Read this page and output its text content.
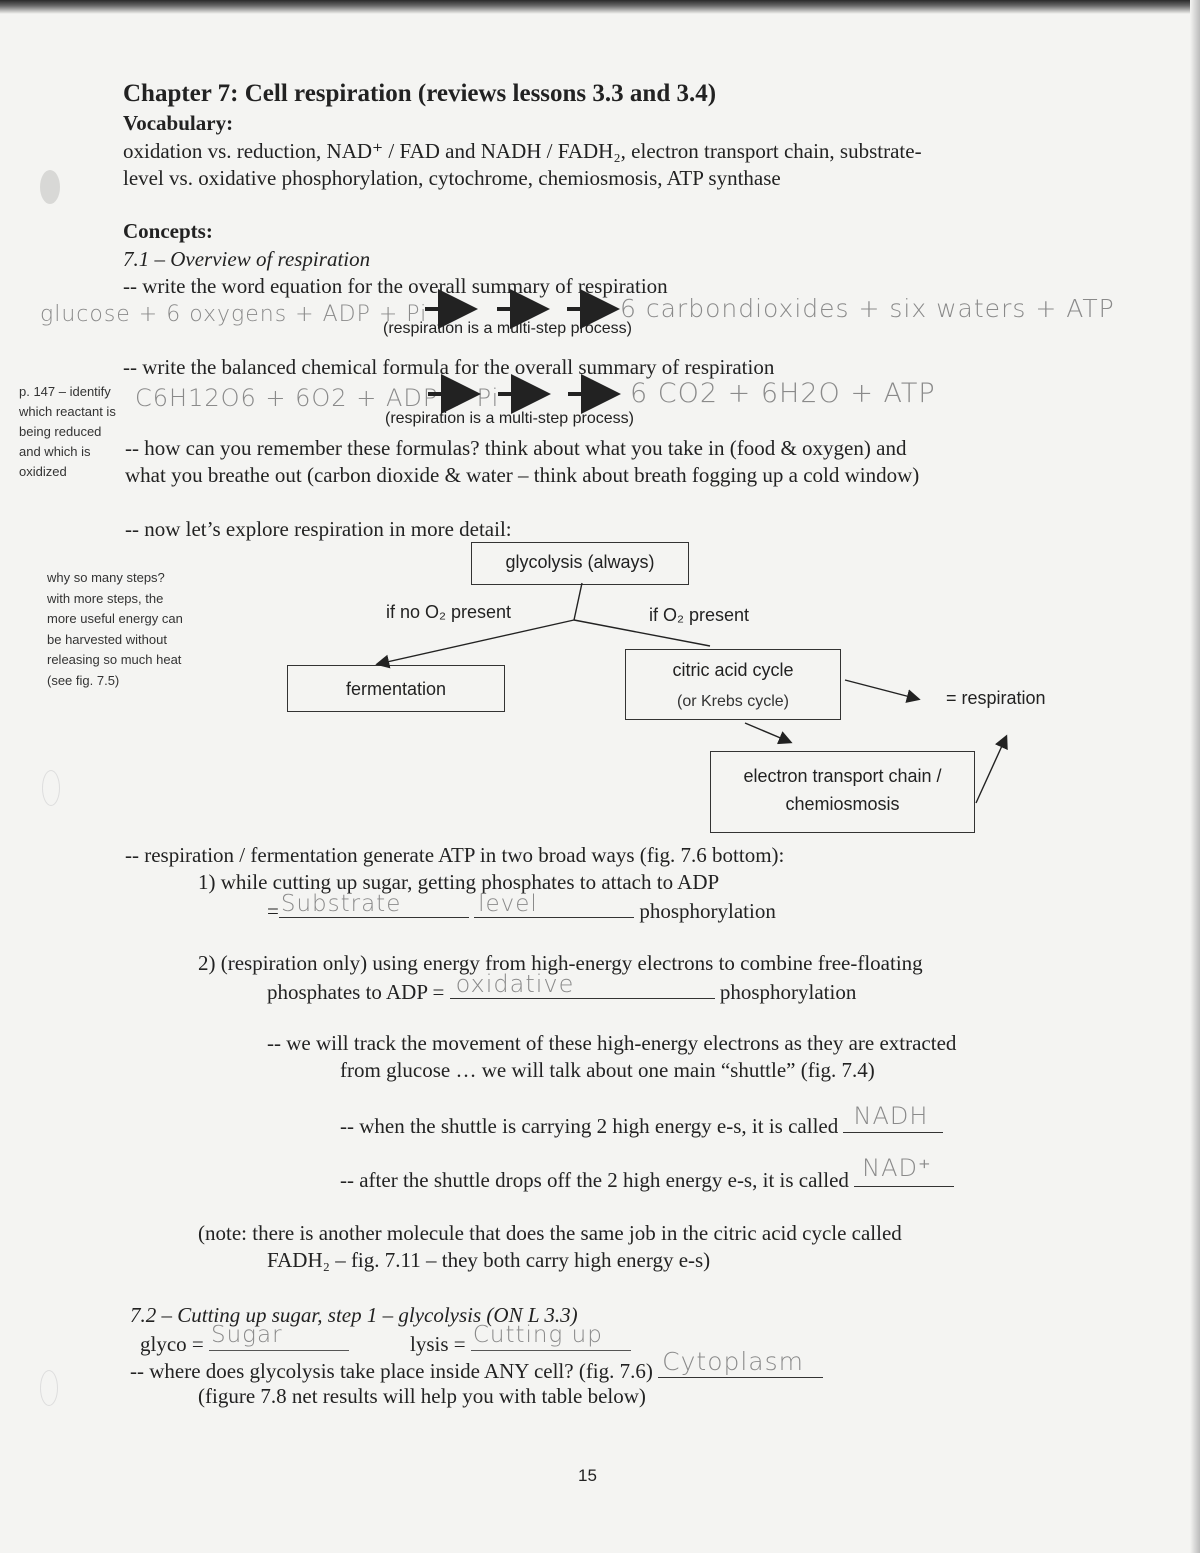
Chapter 7: Cell respiration (reviews lessons 3.3 and 3.4)
Vocabulary:
oxidation vs. reduction, NAD⁺ / FAD and NADH / FADH₂, electron transport chain, substrate-
level vs. oxidative phosphorylation, cytochrome, chemiosmosis, ATP synthase
Concepts:
7.1 – Overview of respiration
-- write the word equation for the overall summary of respiration
glucose + 6 oxygens + ADP + Pi
(respiration is a multi-step process)
6 carbondioxides + six waters + ATP
-- write the balanced chemical formula for the overall summary of respiration
C6H12O6 + 6O2 + ADP + Pi
(respiration is a multi-step process)
6 CO2 + 6H2O + ATP
p. 147 – identify
which reactant is
being reduced
and which is
oxidized
-- how can you remember these formulas? think about what you take in (food & oxygen) and
what you breathe out (carbon dioxide & water – think about breath fogging up a cold window)
-- now let’s explore respiration in more detail:
why so many steps?
with more steps, the
more useful energy can
be harvested without
releasing so much heat
(see fig. 7.5)
glycolysis (always)
if no O₂ present	if O₂ present
fermentation
citric acid cycle
(or Krebs cycle)
electron transport chain /
chemiosmosis
= respiration
-- respiration / fermentation generate ATP in two broad ways (fig. 7.6 bottom):
1) while cutting up sugar, getting phosphates to attach to ADP
= Substrate
	level	phosphorylation
2) (respiration only) using energy from high-energy electrons to combine free-floating
phosphates to ADP = oxidative	phosphorylation
-- we will track the movement of these high-energy electrons as they are extracted
from glucose … we will talk about one main “shuttle” (fig. 7.4)
-- when the shuttle is carrying 2 high energy e-s, it is called NADH
-- after the shuttle drops off the 2 high energy e-s, it is called NAD⁺
(note: there is another molecule that does the same job in the citric acid cycle called
FADH₂ – fig. 7.11 – they both carry high energy e-s)
7.2 – Cutting up sugar, step 1 – glycolysis (ON L 3.3)
glyco = Sugar	lysis = Cutting up
-- where does glycolysis take place inside ANY cell? (fig. 7.6) Cytoplasm
(figure 7.8 net results will help you with table below)
15
